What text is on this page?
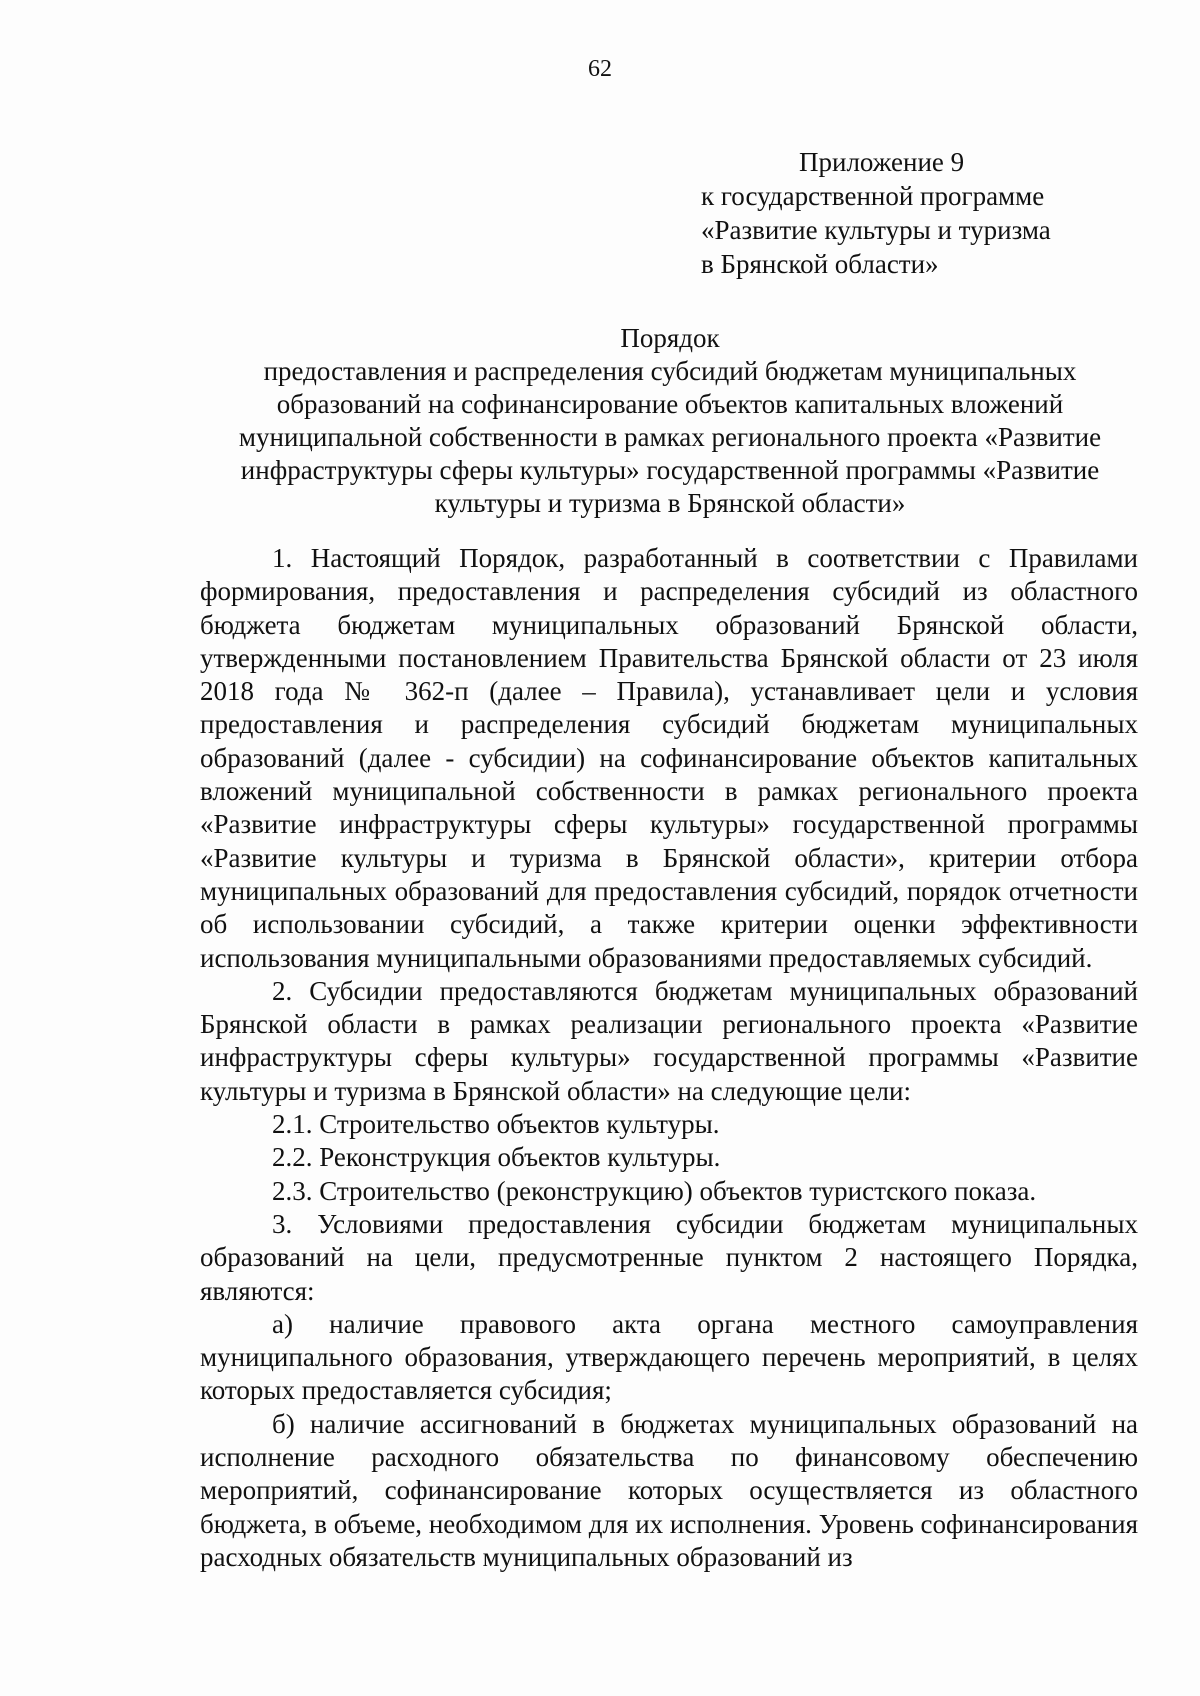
62
Приложение 9
к государственной программе
«Развитие культуры и туризма
в Брянской области»
Порядок
предоставления и распределения субсидий бюджетам муниципальных образований на софинансирование объектов капитальных вложений муниципальной собственности в рамках регионального проекта «Развитие инфраструктуры сферы культуры» государственной программы «Развитие культуры и туризма в Брянской области»

1. Настоящий Порядок, разработанный в соответствии с Правилами формирования, предоставления и распределения субсидий из областного бюджета бюджетам муниципальных образований Брянской области, утвержденными постановлением Правительства Брянской области от 23 июля 2018 года № 362-п (далее – Правила), устанавливает цели и условия предоставления и распределения субсидий бюджетам муниципальных образований (далее - субсидии) на софинансирование объектов капитальных вложений муниципальной собственности в рамках регионального проекта «Развитие инфраструктуры сферы культуры» государственной программы «Развитие культуры и туризма в Брянской области», критерии отбора муниципальных образований для предоставления субсидий, порядок отчетности об использовании субсидий, а также критерии оценки эффективности использования муниципальными образованиями предоставляемых субсидий.

2. Субсидии предоставляются бюджетам муниципальных образований Брянской области в рамках реализации регионального проекта «Развитие инфраструктуры сферы культуры» государственной программы «Развитие культуры и туризма в Брянской области» на следующие цели:

2.1. Строительство объектов культуры.

2.2. Реконструкция объектов культуры.

2.3. Строительство (реконструкцию) объектов туристского показа.

3. Условиями предоставления субсидии бюджетам муниципальных образований на цели, предусмотренные пунктом 2 настоящего Порядка, являются:

а) наличие правового акта органа местного самоуправления муниципального образования, утверждающего перечень мероприятий, в целях которых предоставляется субсидия;

б) наличие ассигнований в бюджетах муниципальных образований на исполнение расходного обязательства по финансовому обеспечению мероприятий, софинансирование которых осуществляется из областного бюджета, в объеме, необходимом для их исполнения. Уровень софинансирования расходных обязательств муниципальных образований из
